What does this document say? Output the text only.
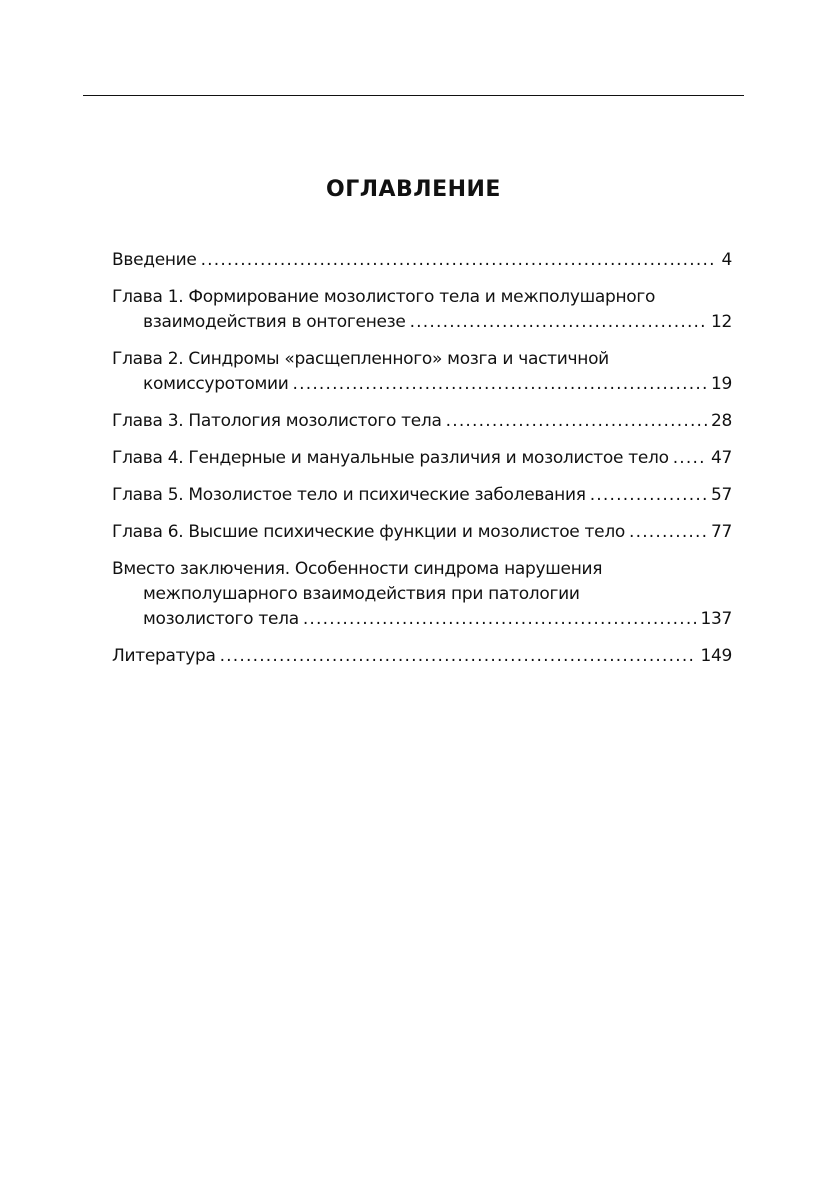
ОГЛАВЛЕНИЕ
Введение .....	4
Глава 1. Формирование мозолистого тела и межполушарного
взаимодействия в онтогенезе .....	12
Глава 2. Синдромы «расщепленного» мозга и частичной
комиссуротомии .....	19
Глава 3. Патология мозолистого тела .....	28
Глава 4. Гендерные и мануальные различия и мозолистое тело ..... 47
Глава 5. Мозолистое тело и психические заболевания .....	57
Глава 6. Высшие психические функции и мозолистое тело .....	77
Вместо заключения. Особенности синдрома нарушения
межполушарного взаимодействия при патологии
мозолистого тела .....	137
Литература .....	149
